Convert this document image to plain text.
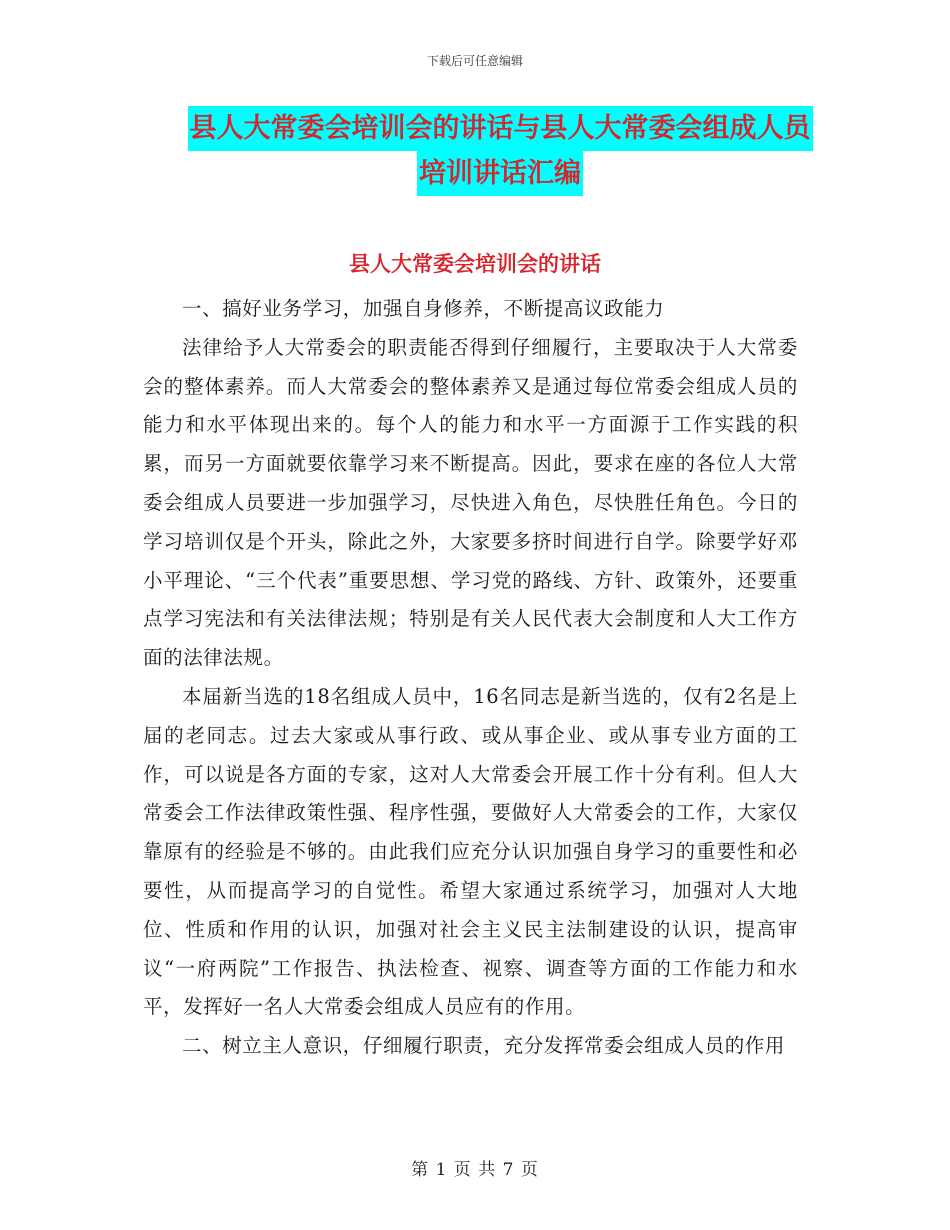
下载后可任意编辑
县人大常委会培训会的讲话与县人大常委会组成人员
培训讲话汇编
县人大常委会培训会的讲话

一、搞好业务学习，加强自身修养，不断提高议政能力

法律给予人大常委会的职责能否得到仔细履行，主要取决于人大常委会的整体素养。而人大常委会的整体素养又是通过每位常委会组成人员的能力和水平体现出来的。每个人的能力和水平一方面源于工作实践的积累，而另一方面就要依靠学习来不断提高。因此，要求在座的各位人大常委会组成人员要进一步加强学习，尽快进入角色，尽快胜任角色。今日的学习培训仅是个开头，除此之外，大家要多挤时间进行自学。除要学好邓小平理论、“三个代表”重要思想、学习党的路线、方针、政策外，还要重点学习宪法和有关法律法规；特别是有关人民代表大会制度和人大工作方面的法律法规。

本届新当选的18名组成人员中，16名同志是新当选的，仅有2名是上届的老同志。过去大家或从事行政、或从事企业、或从事专业方面的工作，可以说是各方面的专家，这对人大常委会开展工作十分有利。但人大常委会工作法律政策性强、程序性强，要做好人大常委会的工作，大家仅靠原有的经验是不够的。由此我们应充分认识加强自身学习的重要性和必要性，从而提高学习的自觉性。希望大家通过系统学习，加强对人大地位、性质和作用的认识，加强对社会主义民主法制建设的认识，提高审议“一府两院”工作报告、执法检查、视察、调查等方面的工作能力和水平，发挥好一名人大常委会组成人员应有的作用。

二、树立主人意识，仔细履行职责，充分发挥常委会组成人员的作用

第 1 页 共 7 页
